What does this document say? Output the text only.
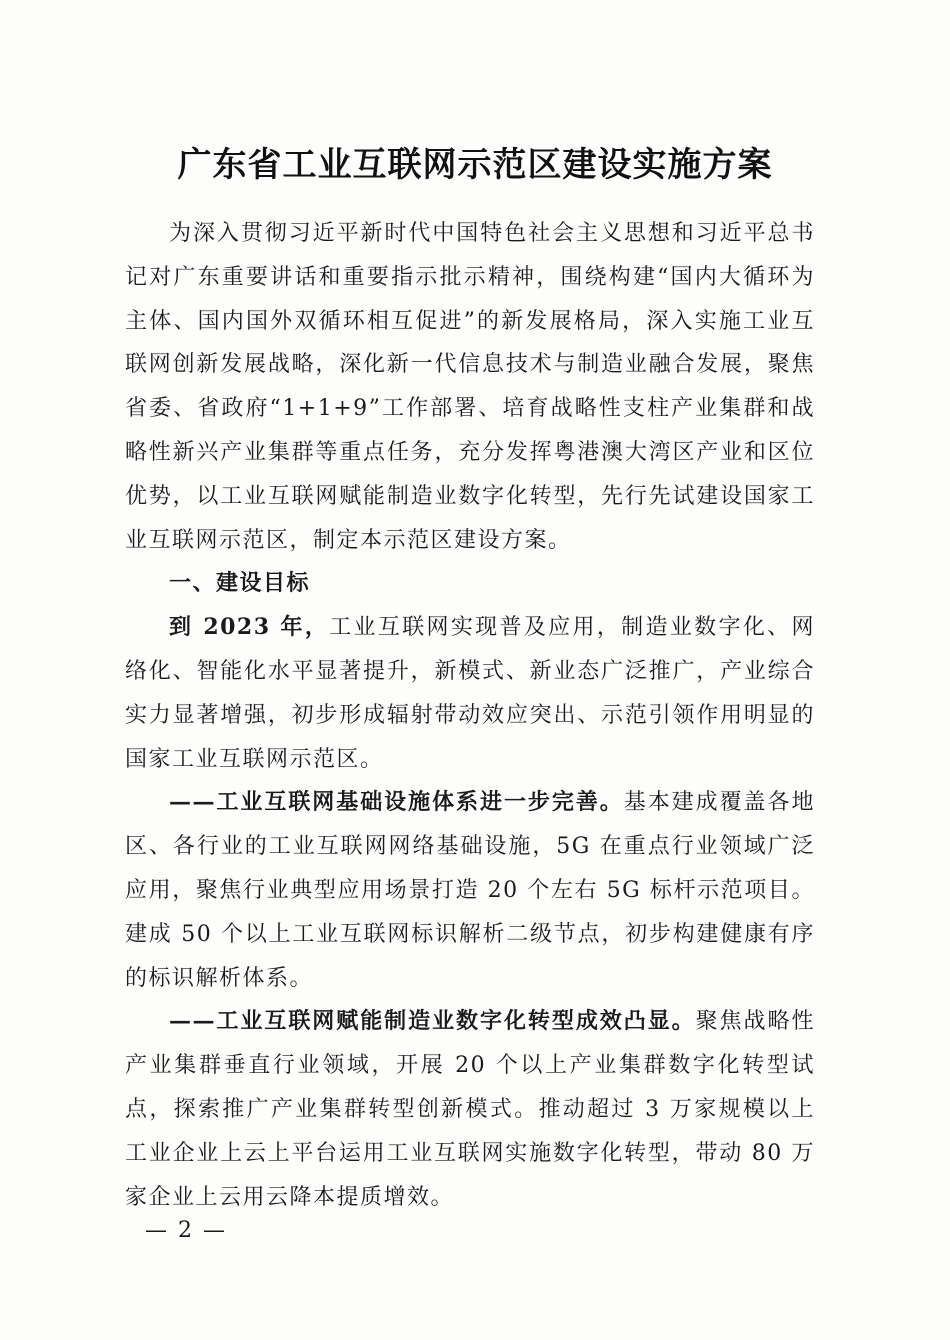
广东省工业互联网示范区建设实施方案

为深入贯彻习近平新时代中国特色社会主义思想和习近平总书记对广东重要讲话和重要指示批示精神，围绕构建“国内大循环为主体、国内国外双循环相互促进”的新发展格局，深入实施工业互联网创新发展战略，深化新一代信息技术与制造业融合发展，聚焦省委、省政府“1+1+9”工作部署、培育战略性支柱产业集群和战略性新兴产业集群等重点任务，充分发挥粤港澳大湾区产业和区位优势，以工业互联网赋能制造业数字化转型，先行先试建设国家工业互联网示范区，制定本示范区建设方案。

一、建设目标

到 2023 年，工业互联网实现普及应用，制造业数字化、网络化、智能化水平显著提升，新模式、新业态广泛推广，产业综合实力显著增强，初步形成辐射带动效应突出、示范引领作用明显的国家工业互联网示范区。

——工业互联网基础设施体系进一步完善。基本建成覆盖各地区、各行业的工业互联网网络基础设施，5G 在重点行业领域广泛应用，聚焦行业典型应用场景打造 20 个左右 5G 标杆示范项目。建成 50 个以上工业互联网标识解析二级节点，初步构建健康有序的标识解析体系。

——工业互联网赋能制造业数字化转型成效凸显。聚焦战略性产业集群垂直行业领域，开展 20 个以上产业集群数字化转型试点，探索推广产业集群转型创新模式。推动超过 3 万家规模以上工业企业上云上平台运用工业互联网实施数字化转型，带动 80 万家企业上云用云降本提质增效。

— 2 —
